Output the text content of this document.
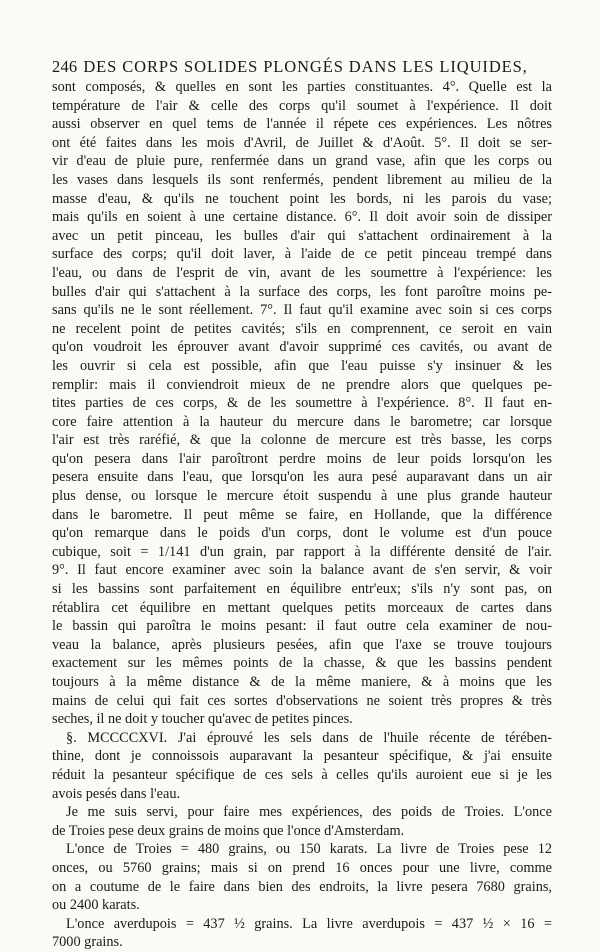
246 DES CORPS SOLIDES PLONGÉS DANS LES LIQUIDES,
sont composés, & quelles en sont les parties constituantes. 4°. Quelle est la
température de l'air & celle des corps qu'il soumet à l'expérience. Il doit
aussi observer en quel tems de l'année il répete ces expériences. Les nôtres
ont été faites dans les mois d'Avril, de Juillet & d'Août. 5°. Il doit se ser-
vir d'eau de pluie pure, renfermée dans un grand vase, afin que les corps ou
les vases dans lesquels ils sont renfermés, pendent librement au milieu de la
masse d'eau, & qu'ils ne touchent point les bords, ni les parois du vase;
mais qu'ils en soient à une certaine distance. 6°. Il doit avoir soin de dissiper
avec un petit pinceau, les bulles d'air qui s'attachent ordinairement à la
surface des corps; qu'il doit laver, à l'aide de ce petit pinceau trempé dans
l'eau, ou dans de l'esprit de vin, avant de les soumettre à l'expérience: les
bulles d'air qui s'attachent à la surface des corps, les font paroître moins pe-
sans qu'ils ne le sont réellement. 7°. Il faut qu'il examine avec soin si ces corps
ne recelent point de petites cavités; s'ils en comprennent, ce seroit en vain
qu'on voudroit les éprouver avant d'avoir supprimé ces cavités, ou avant de
les ouvrir si cela est possible, afin que l'eau puisse s'y insinuer & les
remplir: mais il conviendroit mieux de ne prendre alors que quelques pe-
tites parties de ces corps, & de les soumettre à l'expérience. 8°. Il faut en-
core faire attention à la hauteur du mercure dans le barometre; car lorsque
l'air est très raréfié, & que la colonne de mercure est très basse, les corps
qu'on pesera dans l'air paroîtront perdre moins de leur poids lorsqu'on les
pesera ensuite dans l'eau, que lorsqu'on les aura pesé auparavant dans un air
plus dense, ou lorsque le mercure étoit suspendu à une plus grande hauteur
dans le barometre. Il peut même se faire, en Hollande, que la différence
qu'on remarque dans le poids d'un corps, dont le volume est d'un pouce
cubique, soit = 1/141 d'un grain, par rapport à la différente densité de l'air.
9°. Il faut encore examiner avec soin la balance avant de s'en servir, & voir
si les bassins sont parfaitement en équilibre entr'eux; s'ils n'y sont pas, on
rétablira cet équilibre en mettant quelques petits morceaux de cartes dans
le bassin qui paroîtra le moins pesant: il faut outre cela examiner de nou-
veau la balance, après plusieurs pesées, afin que l'axe se trouve toujours
exactement sur les mêmes points de la chasse, & que les bassins pendent
toujours à la même distance & de la même maniere, & à moins que les
mains de celui qui fait ces sortes d'observations ne soient très propres & très
seches, il ne doit y toucher qu'avec de petites pinces.
§. MCCCCXVI. J'ai éprouvé les sels dans de l'huile récente de térében-
thine, dont je connoissois auparavant la pesanteur spécifique, & j'ai ensuite
réduit la pesanteur spécifique de ces sels à celles qu'ils auroient eue si je les
avois pesés dans l'eau.
Je me suis servi, pour faire mes expériences, des poids de Troies. L'once
de Troies pese deux grains de moins que l'once d'Amsterdam.
L'once de Troies = 480 grains, ou 150 karats. La livre de Troies pese 12
onces, ou 5760 grains; mais si on prend 16 onces pour une livre, comme
on a coutume de le faire dans bien des endroits, la livre pesera 7680 grains,
ou 2400 karats.
L'once averdupois = 437 ½ grains. La livre averdupois = 437 ½ × 16 =
7000 grains.
